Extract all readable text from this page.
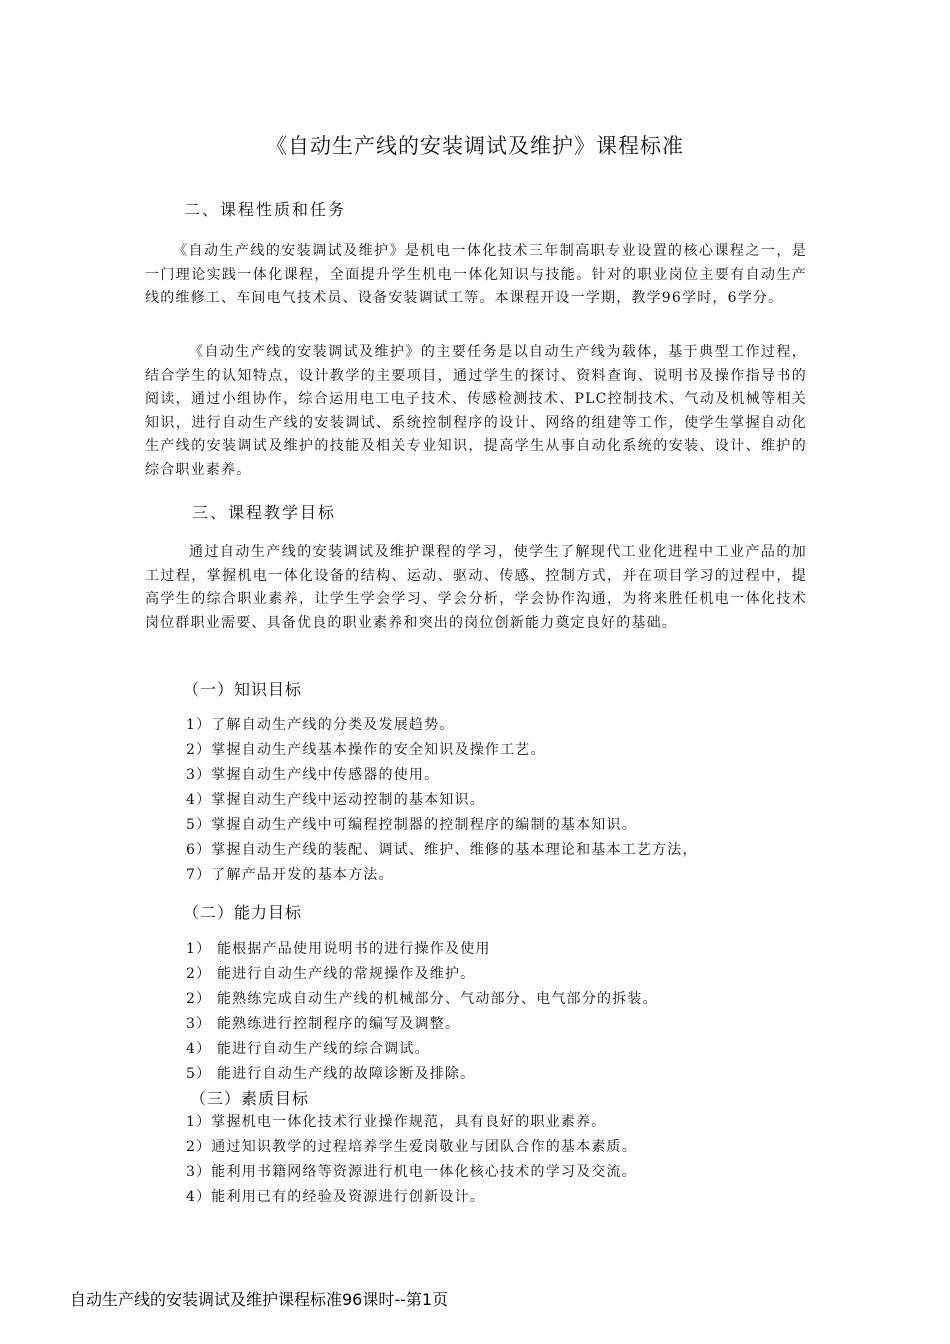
《自动生产线的安装调试及维护》课程标准
二、课程性质和任务
《自动生产线的安装调试及维护》是机电一体化技术三年制高职专业设置的核心课程之一，是一门理论实践一体化课程，全面提升学生机电一体化知识与技能。针对的职业岗位主要有自动生产线的维修工、车间电气技术员、设备安装调试工等。本课程开设一学期，教学96学时，6学分。
《自动生产线的安装调试及维护》的主要任务是以自动生产线为载体，基于典型工作过程，结合学生的认知特点，设计教学的主要项目，通过学生的探讨、资料查询、说明书及操作指导书的阅读，通过小组协作，综合运用电工电子技术、传感检测技术、PLC控制技术、气动及机械等相关知识，进行自动生产线的安装调试、系统控制程序的设计、网络的组建等工作，使学生掌握自动化生产线的安装调试及维护的技能及相关专业知识，提高学生从事自动化系统的安装、设计、维护的综合职业素养。
三、课程教学目标
通过自动生产线的安装调试及维护课程的学习，使学生了解现代工业化进程中工业产品的加工过程，掌握机电一体化设备的结构、运动、驱动、传感、控制方式，并在项目学习的过程中，提高学生的综合职业素养，让学生学会学习、学会分析，学会协作沟通，为将来胜任机电一体化技术岗位群职业需要、具备优良的职业素养和突出的岗位创新能力奠定良好的基础。
（一）知识目标
1）了解自动生产线的分类及发展趋势。
2）掌握自动生产线基本操作的安全知识及操作工艺。
3）掌握自动生产线中传感器的使用。
4）掌握自动生产线中运动控制的基本知识。
5）掌握自动生产线中可编程控制器的控制程序的编制的基本知识。
6）掌握自动生产线的装配、调试、维护、维修的基本理论和基本工艺方法，
7）了解产品开发的基本方法。
（二）能力目标
1） 能根据产品使用说明书的进行操作及使用
2） 能进行自动生产线的常规操作及维护。
2） 能熟练完成自动生产线的机械部分、气动部分、电气部分的拆装。
3） 能熟练进行控制程序的编写及调整。
4） 能进行自动生产线的综合调试。
5） 能进行自动生产线的故障诊断及排除。
（三）素质目标
1）掌握机电一体化技术行业操作规范，具有良好的职业素养。
2）通过知识教学的过程培养学生爱岗敬业与团队合作的基本素质。
3）能利用书籍网络等资源进行机电一体化核心技术的学习及交流。
4）能利用已有的经验及资源进行创新设计。
自动生产线的安装调试及维护课程标准96课时--第1页
